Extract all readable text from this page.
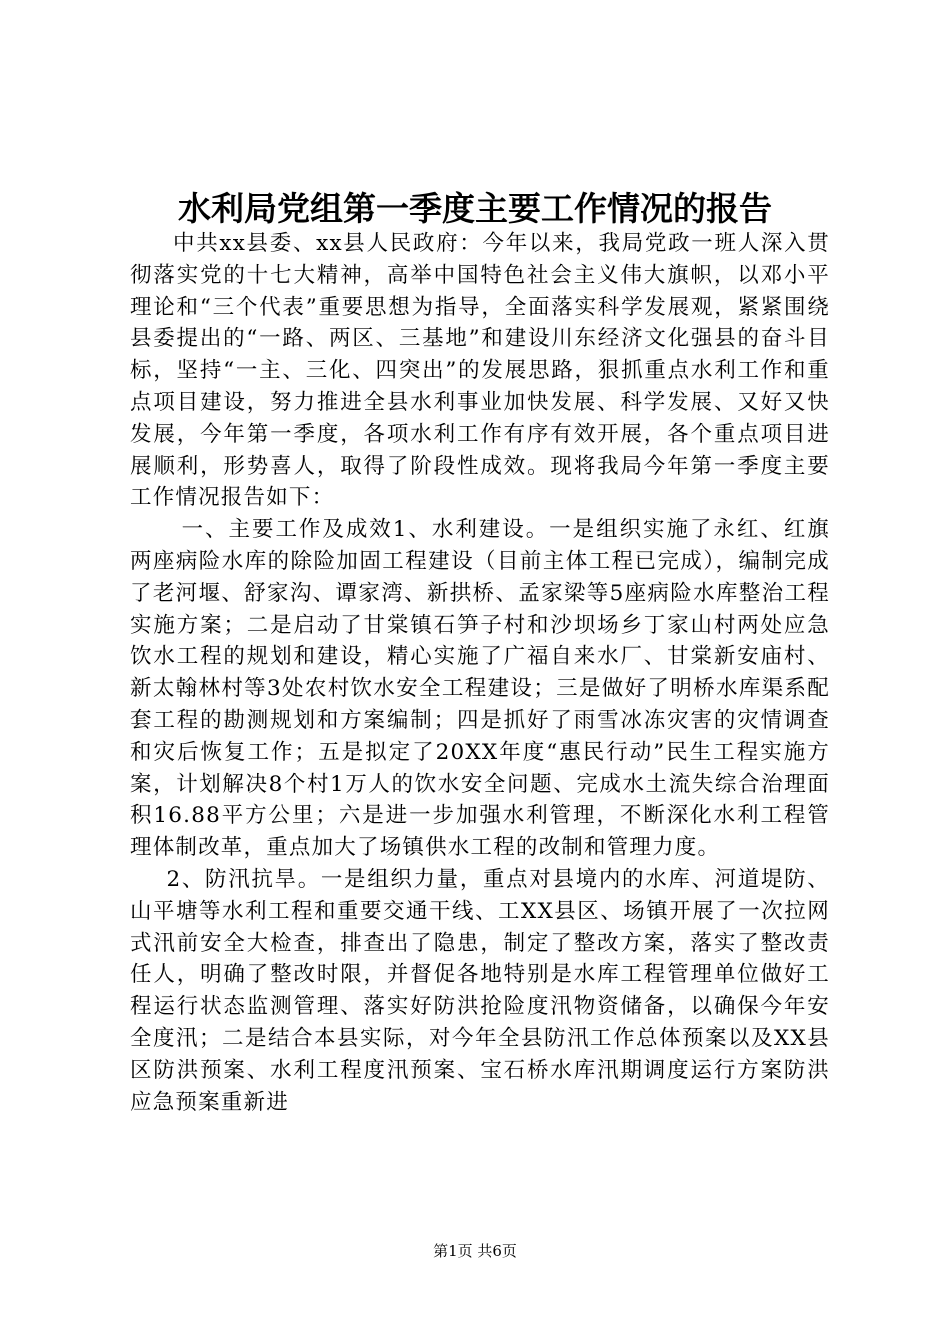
水利局党组第一季度主要工作情况的报告

中共xx县委、xx县人民政府：今年以来，我局党政一班人深入贯彻落实党的十七大精神，高举中国特色社会主义伟大旗帜，以邓小平理论和“三个代表”重要思想为指导，全面落实科学发展观，紧紧围绕县委提出的“一路、两区、三基地”和建设川东经济文化强县的奋斗目标，坚持“一主、三化、四突出”的发展思路，狠抓重点水利工作和重点项目建设，努力推进全县水利事业加快发展、科学发展、又好又快发展，今年第一季度，各项水利工作有序有效开展，各个重点项目进展顺利，形势喜人，取得了阶段性成效。现将我局今年第一季度主要工作情况报告如下：

一、主要工作及成效1、水利建设。一是组织实施了永红、红旗两座病险水库的除险加固工程建设（目前主体工程已完成），编制完成了老河堰、舒家沟、谭家湾、新拱桥、孟家梁等5座病险水库整治工程实施方案；二是启动了甘棠镇石笋子村和沙坝场乡丁家山村两处应急饮水工程的规划和建设，精心实施了广福自来水厂、甘棠新安庙村、新太翰林村等3处农村饮水安全工程建设；三是做好了明桥水库渠系配套工程的勘测规划和方案编制；四是抓好了雨雪冰冻灾害的灾情调查和灾后恢复工作；五是拟定了20XX年度“惠民行动”民生工程实施方案，计划解决8个村1万人的饮水安全问题、完成水土流失综合治理面积16.88平方公里；六是进一步加强水利管理，不断深化水利工程管理体制改革，重点加大了场镇供水工程的改制和管理力度。

2、防汛抗旱。一是组织力量，重点对县境内的水库、河道堤防、山平塘等水利工程和重要交通干线、工XX县区、场镇开展了一次拉网式汛前安全大检查，排查出了隐患，制定了整改方案，落实了整改责任人，明确了整改时限，并督促各地特别是水库工程管理单位做好工程运行状态监测管理、落实好防洪抢险度汛物资储备，以确保今年安全度汛；二是结合本县实际，对今年全县防汛工作总体预案以及XX县区防洪预案、水利工程度汛预案、宝石桥水库汛期调度运行方案防洪应急预案重新进

第1页 共6页
